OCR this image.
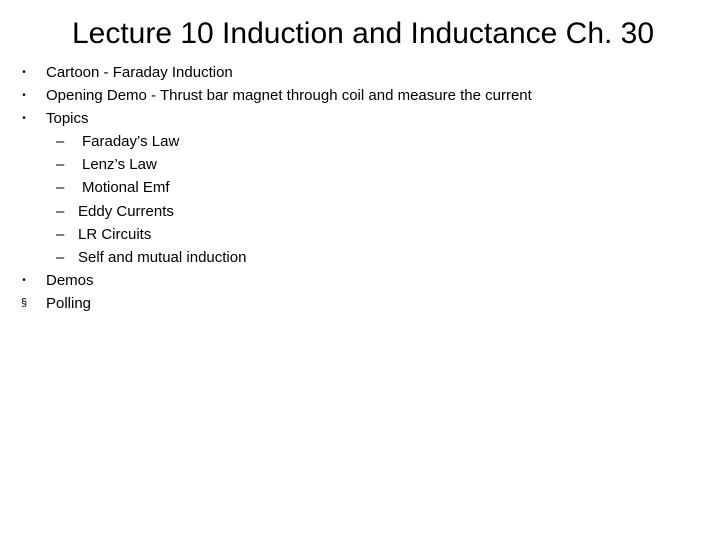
Lecture 10 Induction and Inductance Ch. 30
• Cartoon - Faraday Induction
• Opening Demo - Thrust bar magnet through coil and measure the current
• Topics
– Faraday’s Law
– Lenz’s Law
– Motional Emf
– Eddy Currents
– LR Circuits
– Self and mutual induction
• Demos
§ Polling
